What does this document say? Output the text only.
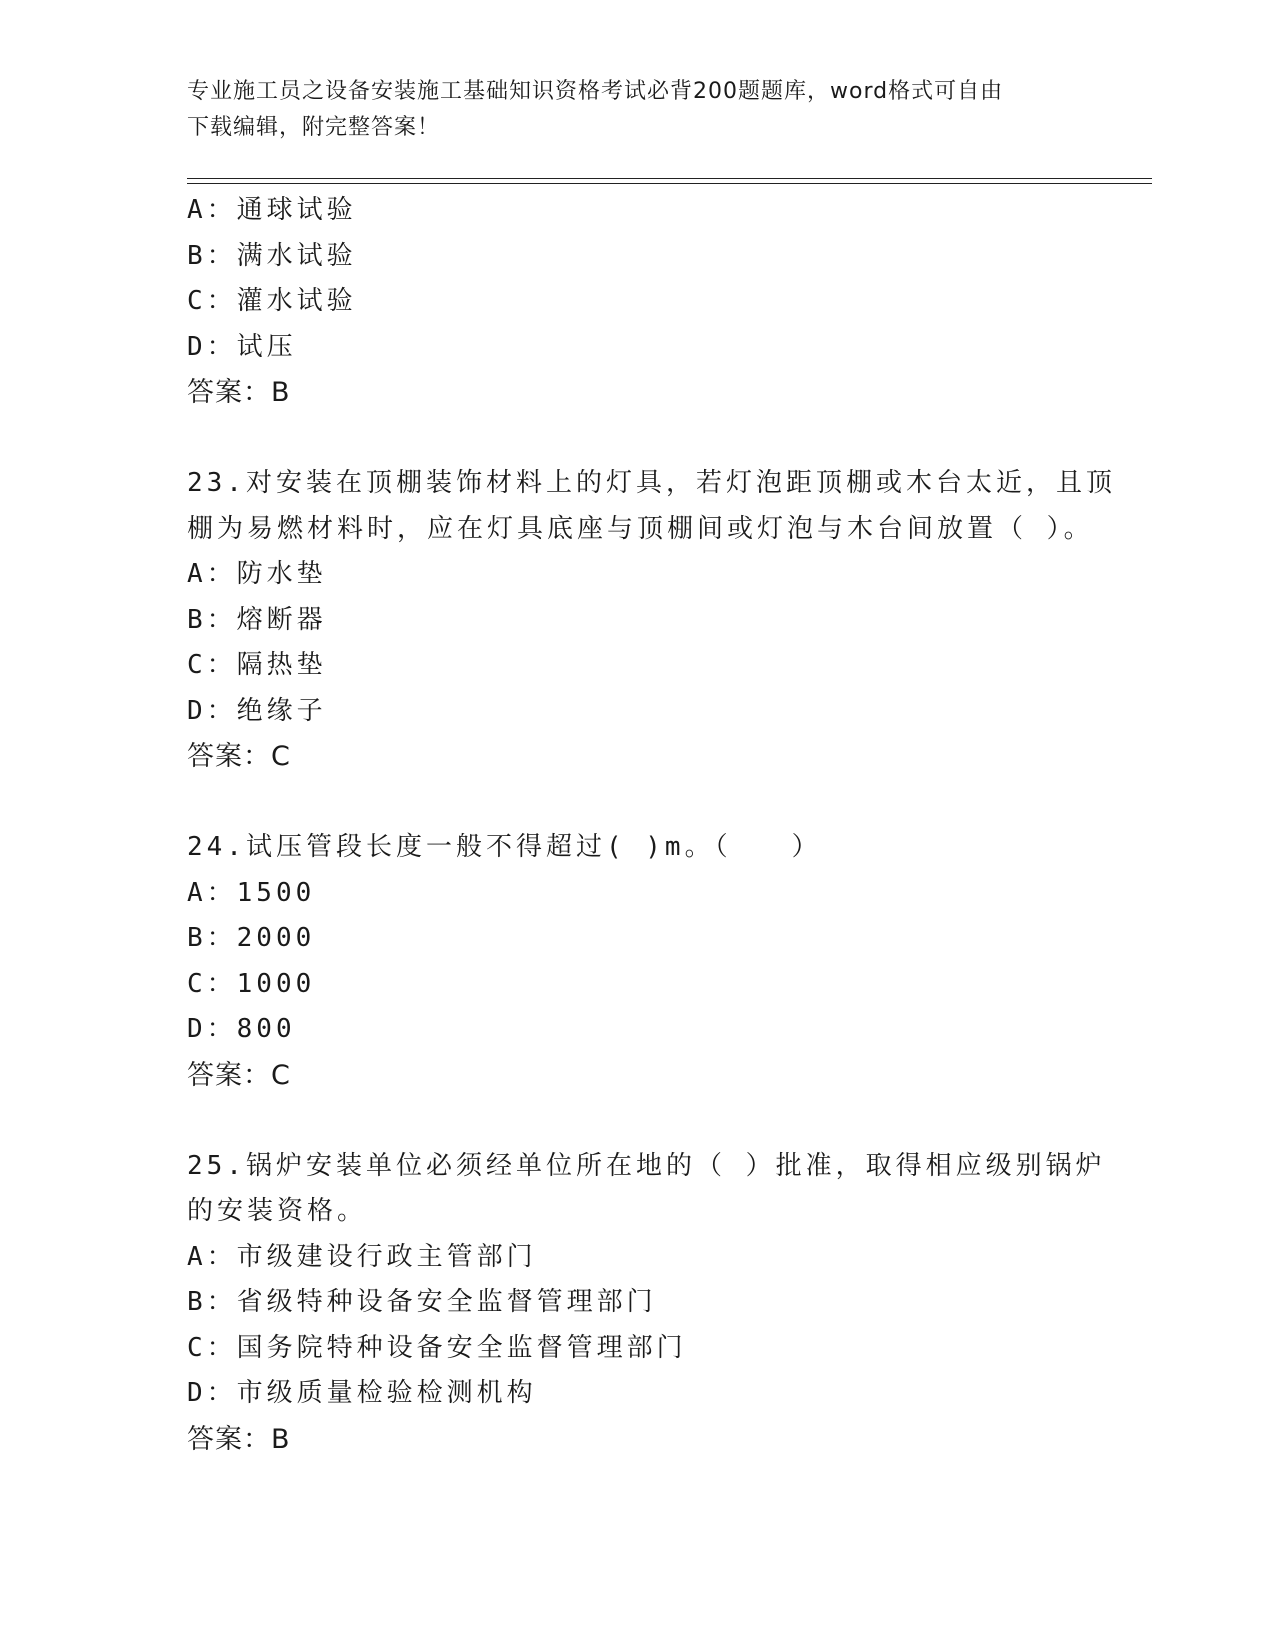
专业施工员之设备安装施工基础知识资格考试必背200题题库，word格式可自由
下载编辑，附完整答案！
A：通球试验
B：满水试验
C：灌水试验
D：试压
答案：B
23.对安装在顶棚装饰材料上的灯具，若灯泡距顶棚或木台太近，且顶
棚为易燃材料时，应在灯具底座与顶棚间或灯泡与木台间放置（ ）。
A：防水垫
B：熔断器
C：隔热垫
D：绝缘子
答案：C
24.试压管段长度一般不得超过( )m。（　　）
A：1500
B：2000
C：1000
D：800
答案：C
25.锅炉安装单位必须经单位所在地的（ ）批准，取得相应级别锅炉
的安装资格。
A：市级建设行政主管部门
B：省级特种设备安全监督管理部门
C：国务院特种设备安全监督管理部门
D：市级质量检验检测机构
答案：B
